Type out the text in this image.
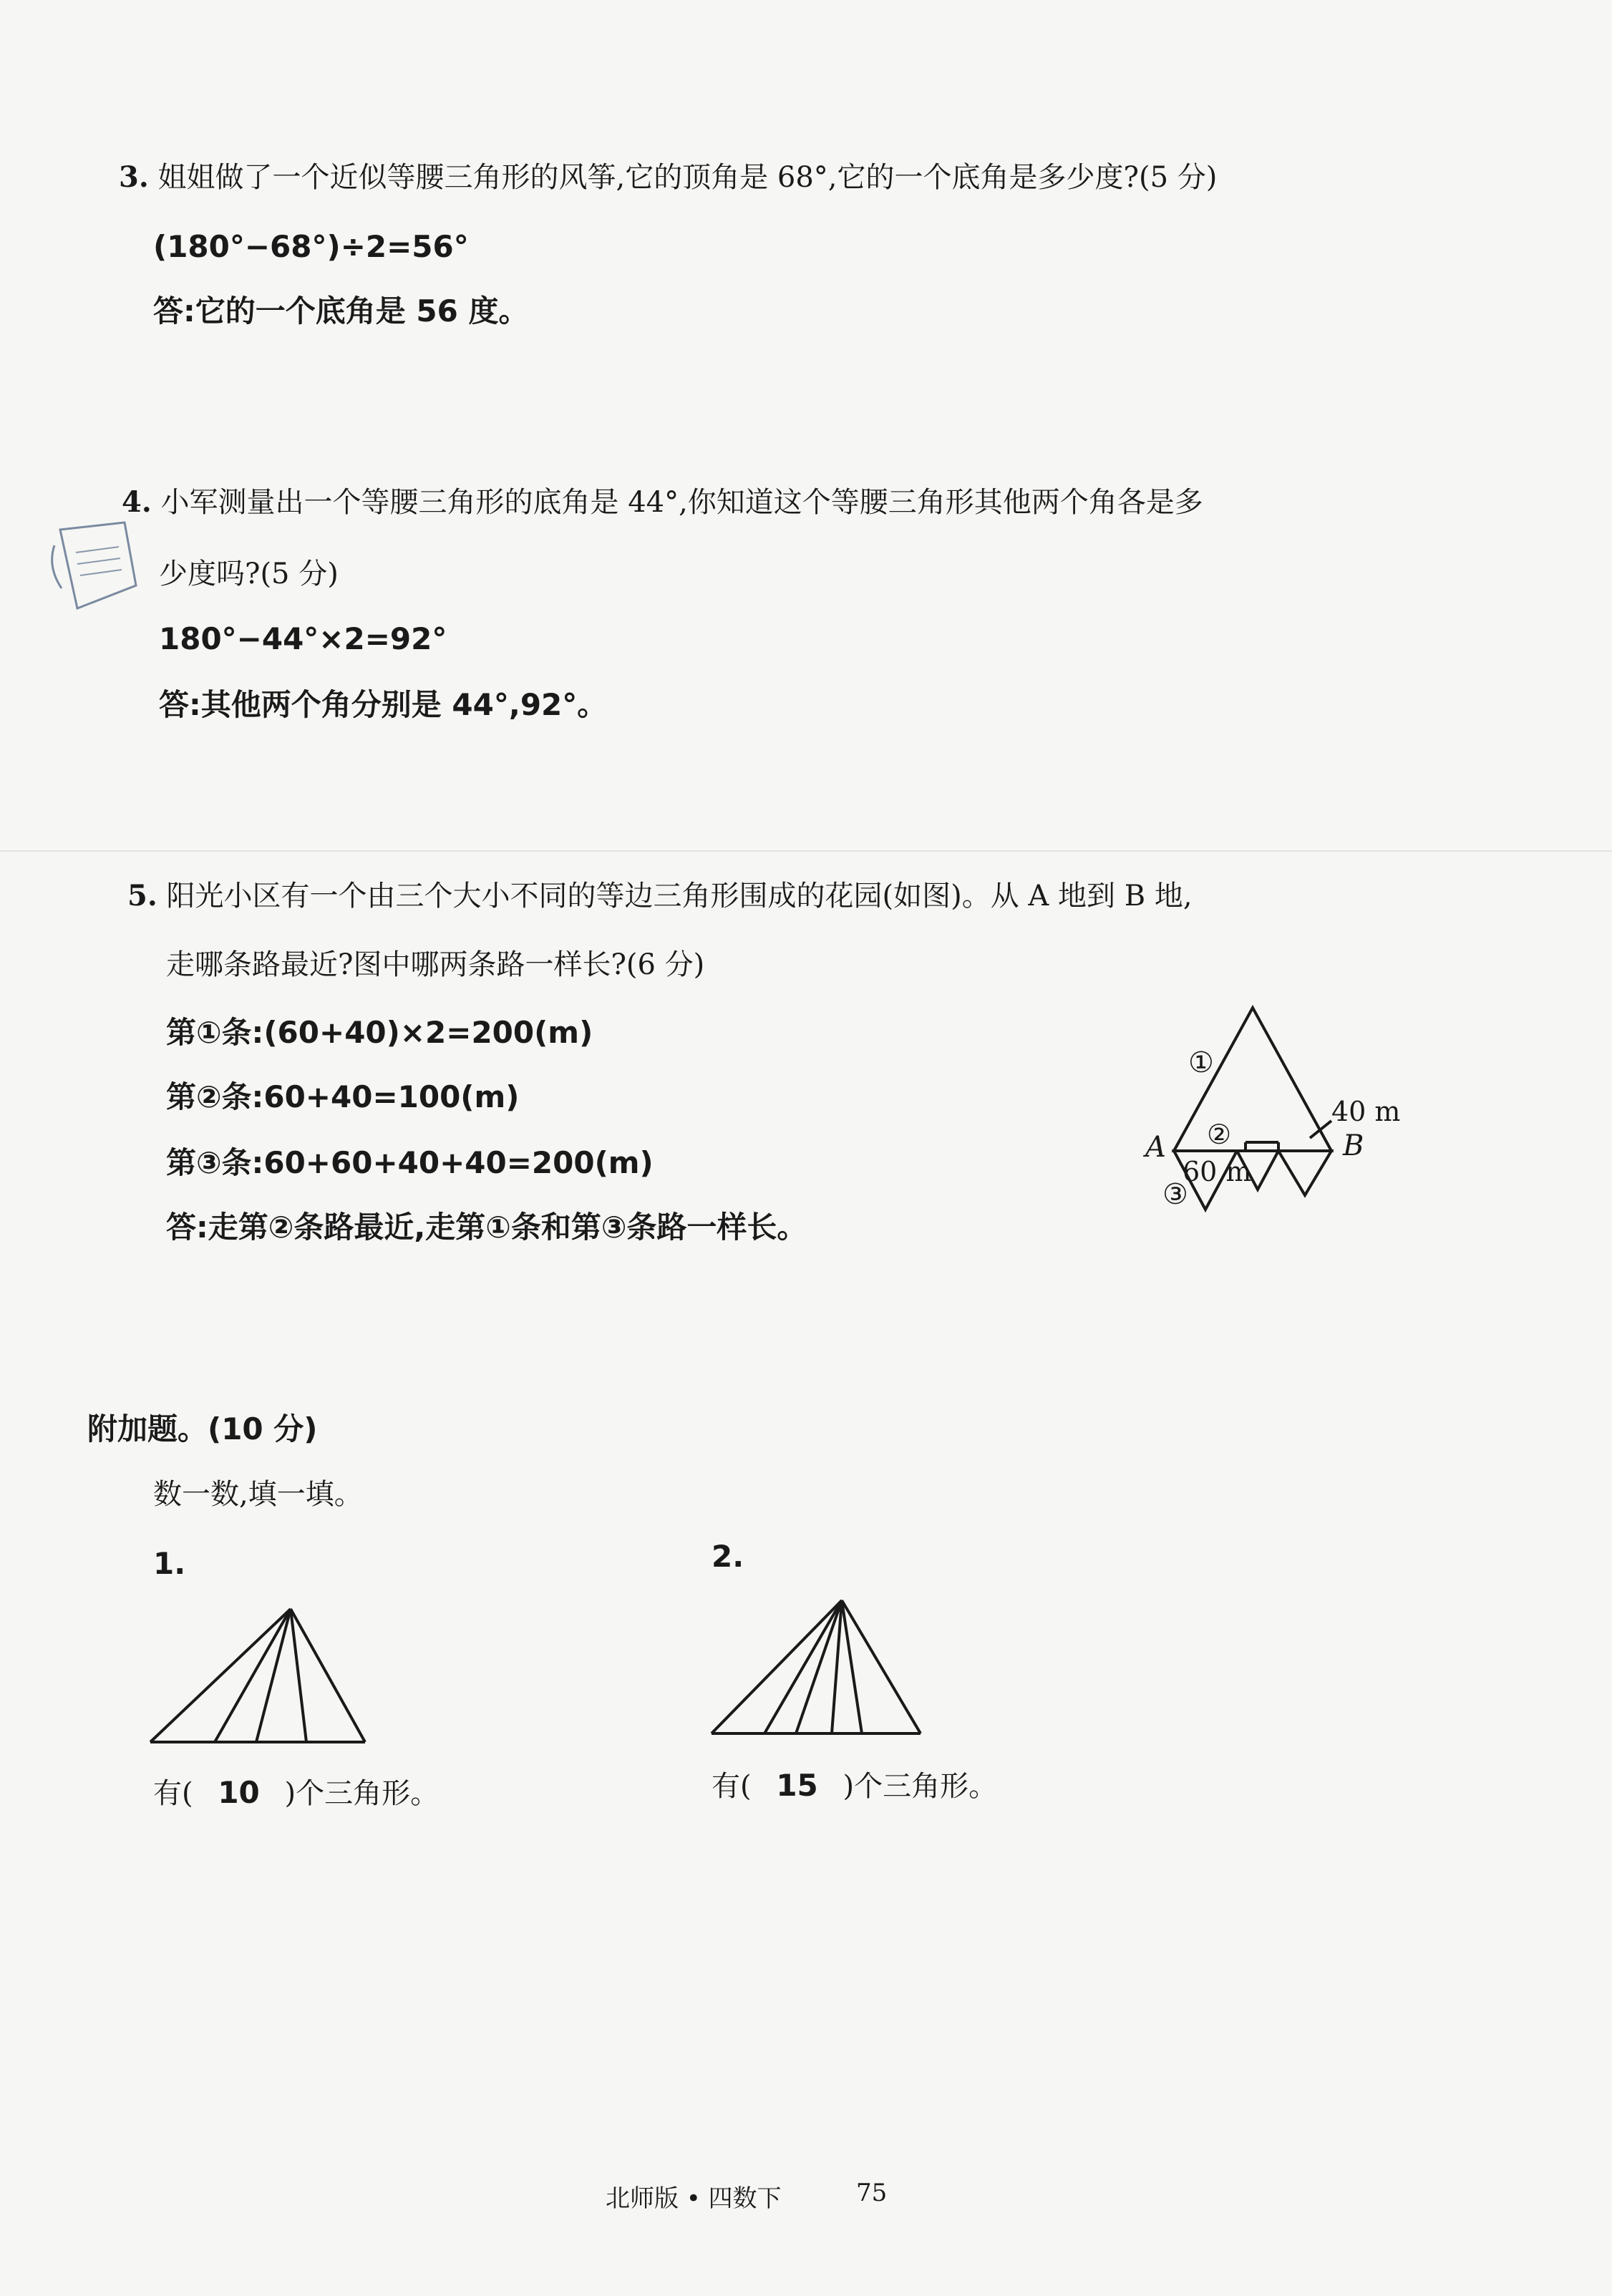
3. 姐姐做了一个近似等腰三角形的风筝,它的顶角是 68°,它的一个底角是多少度?(5 分)
(180°−68°)÷2=56°
答:它的一个底角是 56 度。
4. 小军测量出一个等腰三角形的底角是 44°,你知道这个等腰三角形其他两个角各是多
少度吗?(5 分)
180°−44°×2=92°
答:其他两个角分别是 44°,92°。
5. 阳光小区有一个由三个大小不同的等边三角形围成的花园(如图)。从 A 地到 B 地,
走哪条路最近?图中哪两条路一样长?(6 分)
第①条:(60+40)×2=200(m)
第②条:60+40=100(m)
第③条:60+60+40+40=200(m)
答:走第②条路最近,走第①条和第③条路一样长。
①
②
③
A	B
40 m
60 m
附加题。(10 分)
数一数,填一填。
1.	2.
有( 10 )个三角形。	有( 15 )个三角形。
北师版 • 四数下	75
